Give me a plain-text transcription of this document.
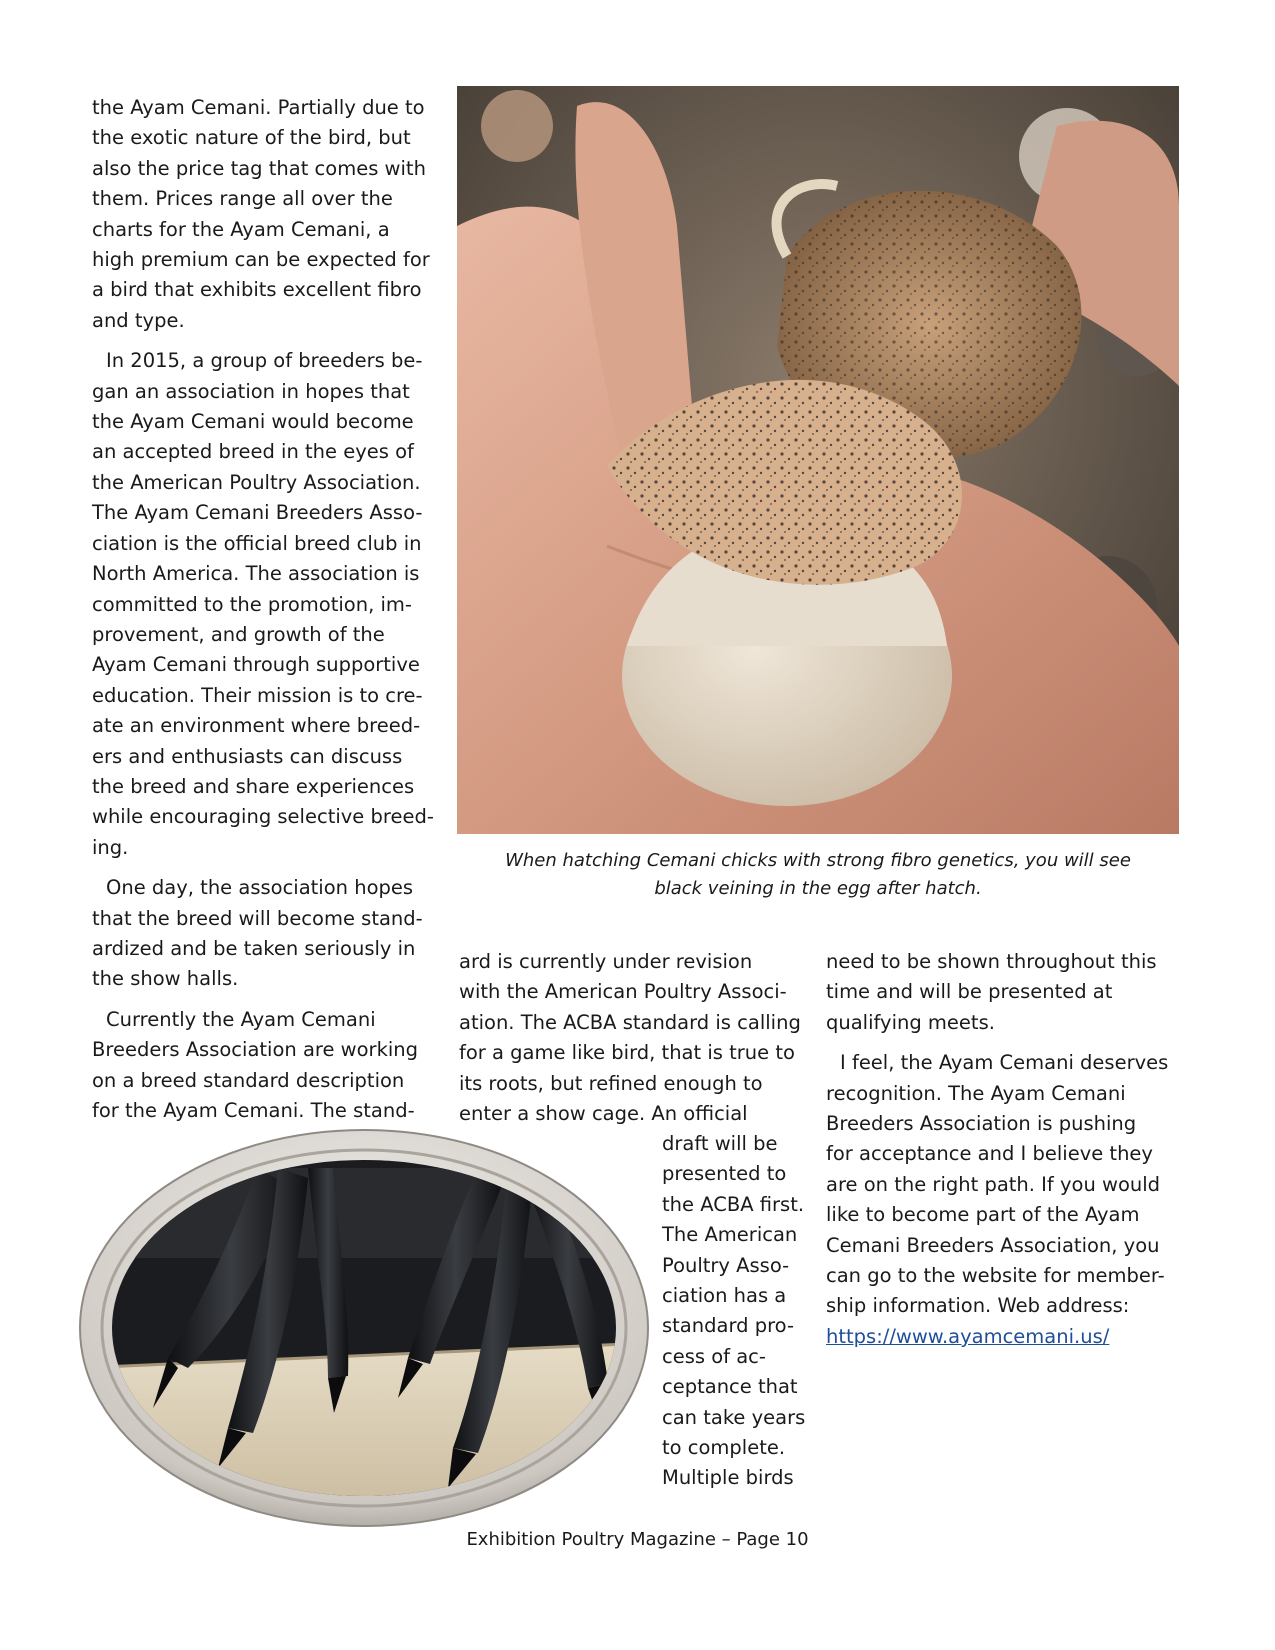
the Ayam Cemani. Partially due to
the exotic nature of the bird, but
also the price tag that comes with
them. Prices range all over the
charts for the Ayam Cemani, a
high premium can be expected for
a bird that exhibits excellent fibro
and type.

In 2015, a group of breeders be-
gan an association in hopes that
the Ayam Cemani would become
an accepted breed in the eyes of
the American Poultry Association.
The Ayam Cemani Breeders Asso-
ciation is the official breed club in
North America. The association is
committed to the promotion, im-
provement, and growth of the
Ayam Cemani through supportive
education. Their mission is to cre-
ate an environment where breed-
ers and enthusiasts can discuss
the breed and share experiences
while encouraging selective breed-
ing.

One day, the association hopes
that the breed will become stand-
ardized and be taken seriously in
the show halls.

Currently the Ayam Cemani
Breeders Association are working
on a breed standard description
for the Ayam Cemani. The stand-

When hatching Cemani chicks with strong fibro genetics, you will see
black veining in the egg after hatch.
ard is currently under revision
with the American Poultry Associ-
ation. The ACBA standard is calling
for a game like bird, that is true to
its roots, but refined enough to
enter a show cage. An official
draft will be
presented to
the ACBA first.
The American
Poultry Asso-
ciation has a
standard pro-
cess of ac-
ceptance that
can take years
to complete.
Multiple birds

need to be shown throughout this
time and will be presented at
qualifying meets.

I feel, the Ayam Cemani deserves
recognition. The Ayam Cemani
Breeders Association is pushing
for acceptance and I believe they
are on the right path. If you would
like to become part of the Ayam
Cemani Breeders Association, you
can go to the website for member-
ship information. Web address:
https://www.ayamcemani.us/

Exhibition Poultry Magazine – Page 10
